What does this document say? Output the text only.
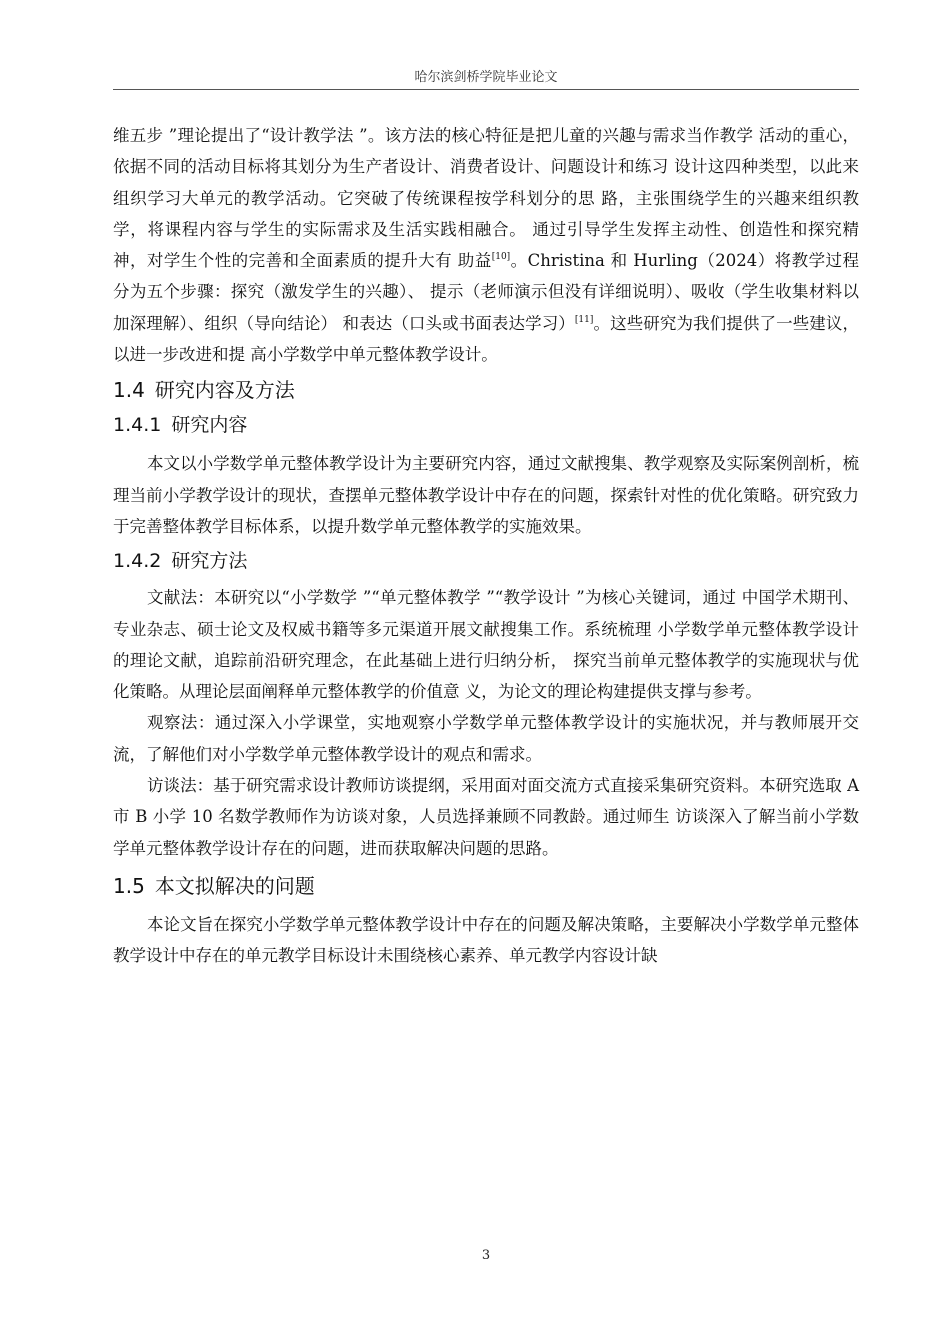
哈尔滨剑桥学院毕业论文

维五步 ”理论提出了“设计教学法 ”。该方法的核心特征是把儿童的兴趣与需求当作教学 活动的重心，依据不同的活动目标将其划分为生产者设计、消费者设计、问题设计和练习 设计这四种类型，以此来组织学习大单元的教学活动。它突破了传统课程按学科划分的思 路，主张围绕学生的兴趣来组织教学，将课程内容与学生的实际需求及生活实践相融合。 通过引导学生发挥主动性、创造性和探究精神，对学生个性的完善和全面素质的提升大有 助益[10]。Christina 和 Hurling（2024）将教学过程分为五个步骤：探究（激发学生的兴趣）、 提示（老师演示但没有详细说明）、吸收（学生收集材料以加深理解）、组织（导向结论） 和表达（口头或书面表达学习）[11]。这些研究为我们提供了一些建议，以进一步改进和提 高小学数学中单元整体教学设计。

1.4 研究内容及方法
1.4.1 研究内容

本文以小学数学单元整体教学设计为主要研究内容，通过文献搜集、教学观察及实际案例剖析，梳理当前小学教学设计的现状，查摆单元整体教学设计中存在的问题，探索针对性的优化策略。研究致力于完善整体教学目标体系，以提升数学单元整体教学的实施效果。

1.4.2 研究方法

文献法：本研究以“小学数学 ”“单元整体教学 ”“教学设计 ”为核心关键词，通过 中国学术期刊、专业杂志、硕士论文及权威书籍等多元渠道开展文献搜集工作。系统梳理 小学数学单元整体教学设计的理论文献，追踪前沿研究理念，在此基础上进行归纳分析， 探究当前单元整体教学的实施现状与优化策略。从理论层面阐释单元整体教学的价值意 义，为论文的理论构建提供支撑与参考。

观察法：通过深入小学课堂，实地观察小学数学单元整体教学设计的实施状况，并与教师展开交流，了解他们对小学数学单元整体教学设计的观点和需求。

访谈法：基于研究需求设计教师访谈提纲，采用面对面交流方式直接采集研究资料。本研究选取 A 市 B 小学 10 名数学教师作为访谈对象，人员选择兼顾不同教龄。通过师生 访谈深入了解当前小学数学单元整体教学设计存在的问题，进而获取解决问题的思路。

1.5 本文拟解决的问题

本论文旨在探究小学数学单元整体教学设计中存在的问题及解决策略，主要解决小学数学单元整体教学设计中存在的单元教学目标设计未围绕核心素养、单元教学内容设计缺

3
